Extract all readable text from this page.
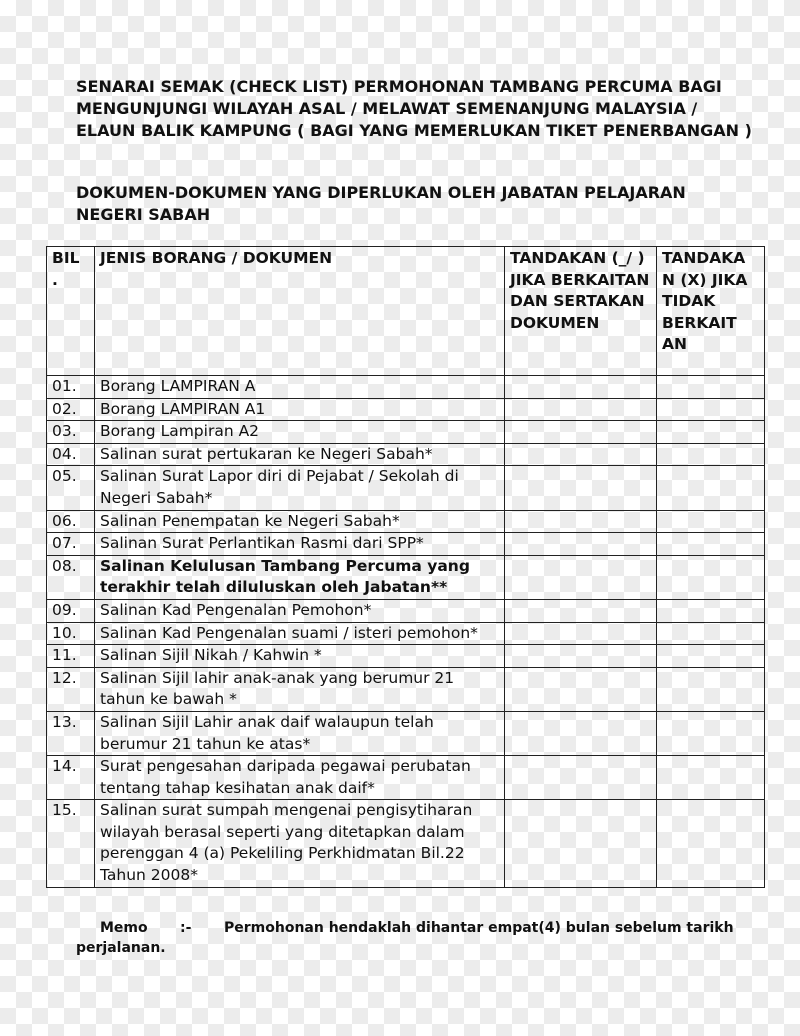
SENARAI SEMAK (CHECK LIST) PERMOHONAN TAMBANG PERCUMA BAGI MENGUNJUNGI WILAYAH ASAL / MELAWAT SEMENANJUNG MALAYSIA / ELAUN BALIK KAMPUNG ( BAGI YANG MEMERLUKAN TIKET PENERBANGAN )
DOKUMEN-DOKUMEN YANG DIPERLUKAN OLEH JABATAN PELAJARAN NEGERI SABAH
BIL .	JENIS BORANG / DOKUMEN	TANDAKAN (_/ ) JIKA BERKAITAN DAN SERTAKAN DOKUMEN	TANDAKA N (X) JIKA TIDAK BERKAIT AN
01.	Borang LAMPIRAN A		
02.	Borang LAMPIRAN A1		
03.	Borang Lampiran A2		
04.	Salinan surat pertukaran ke Negeri Sabah*		
05.	Salinan Surat Lapor diri di Pejabat / Sekolah di Negeri Sabah*		
06.	Salinan Penempatan ke Negeri Sabah*		
07.	Salinan Surat Perlantikan Rasmi dari SPP*		
08.	Salinan Kelulusan Tambang Percuma yang terakhir telah diluluskan oleh Jabatan**		
09.	Salinan Kad Pengenalan Pemohon*		
10.	Salinan Kad Pengenalan suami / isteri pemohon*		
11.	Salinan Sijil Nikah / Kahwin *		
12.	Salinan Sijil lahir anak-anak yang berumur 21 tahun ke bawah *		
13.	Salinan Sijil Lahir anak daif walaupun telah berumur 21 tahun ke atas*		
14.	Surat pengesahan daripada pegawai perubatan tentang tahap kesihatan anak daif*		
15.	Salinan surat sumpah mengenai pengisytiharan wilayah berasal seperti yang ditetapkan dalam perenggan 4 (a) Pekeliling Perkhidmatan Bil.22 Tahun 2008*		
Memo :- Permohonan hendaklah dihantar empat(4) bulan sebelum tarikh perjalanan.
